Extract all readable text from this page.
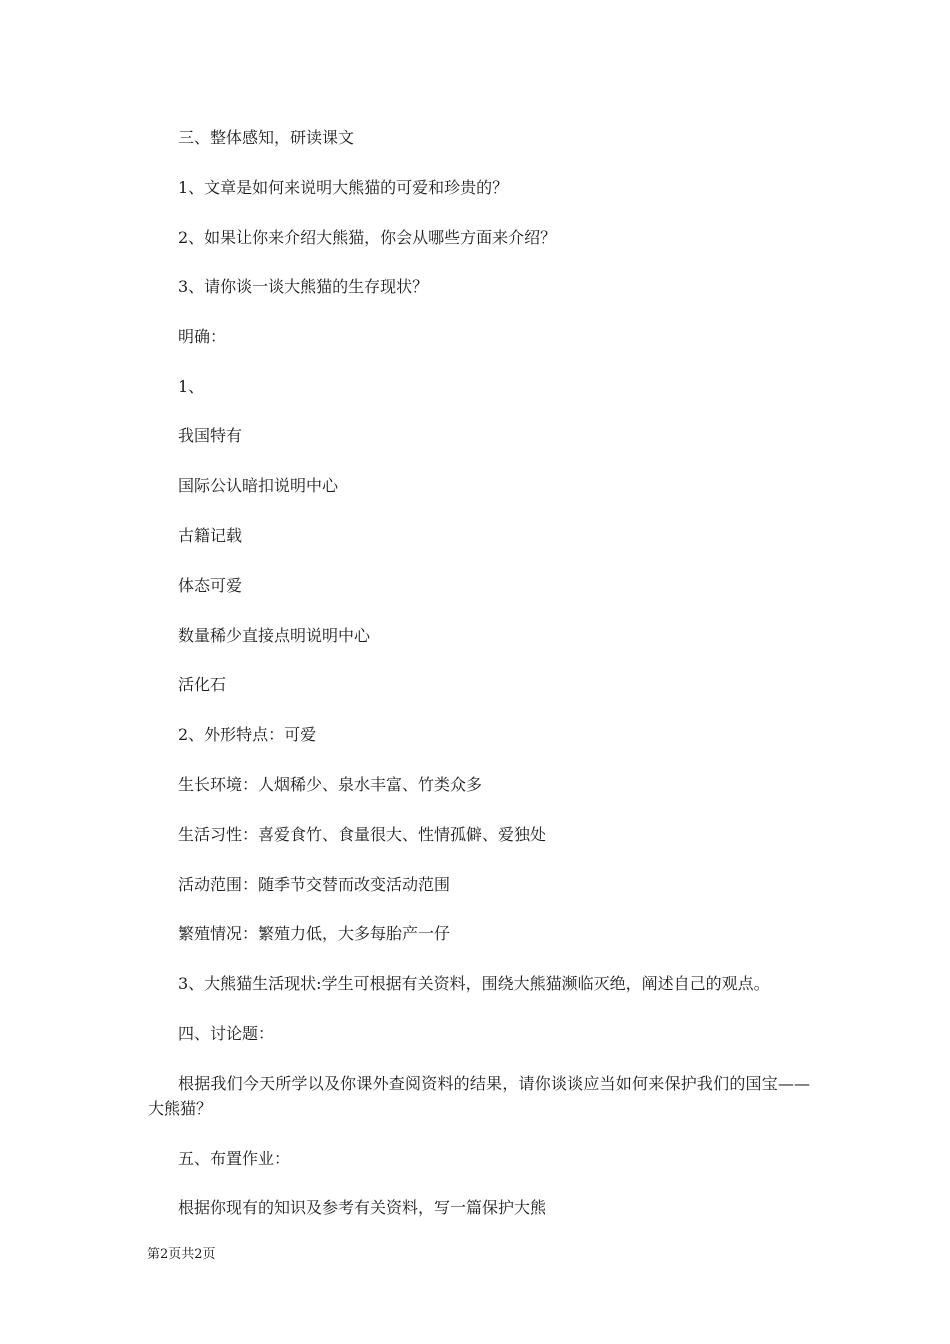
三、整体感知，研读课文
1、文章是如何来说明大熊猫的可爱和珍贵的？
2、如果让你来介绍大熊猫，你会从哪些方面来介绍？
3、请你谈一谈大熊猫的生存现状？
明确：
1、
我国特有
国际公认暗扣说明中心
古籍记载
体态可爱
数量稀少直接点明说明中心
活化石
2、外形特点：可爱
生长环境：人烟稀少、泉水丰富、竹类众多
生活习性：喜爱食竹、食量很大、性情孤僻、爱独处
活动范围：随季节交替而改变活动范围
繁殖情况：繁殖力低，大多每胎产一仔
3、大熊猫生活现状:学生可根据有关资料，围绕大熊猫濒临灭绝，阐述自己的观点。
四、讨论题：
根据我们今天所学以及你课外查阅资料的结果，请你谈谈应当如何来保护我们的国宝——大熊猫？
五、布置作业：
根据你现有的知识及参考有关资料，写一篇保护大熊
第2页共2页
